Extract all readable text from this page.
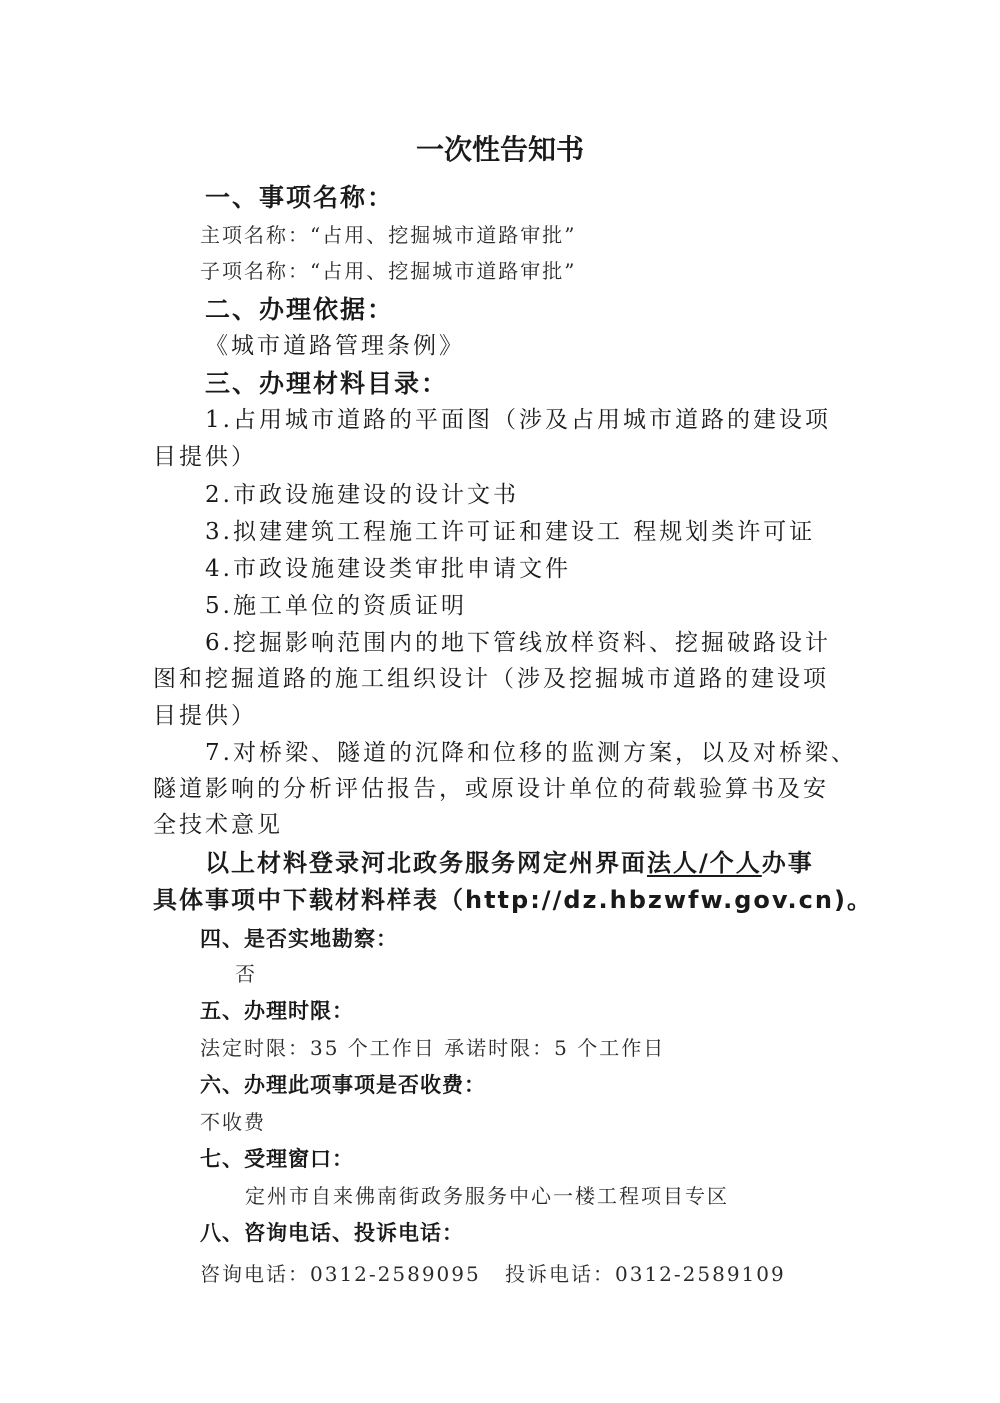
一次性告知书
一、事项名称：
主项名称：“占用、挖掘城市道路审批”
子项名称：“占用、挖掘城市道路审批”
二、办理依据：
《城市道路管理条例》
三、办理材料目录：
1.占用城市道路的平面图（涉及占用城市道路的建设项
目提供）
2.市政设施建设的设计文书
3.拟建建筑工程施工许可证和建设工 程规划类许可证
4.市政设施建设类审批申请文件
5.施工单位的资质证明
6.挖掘影响范围内的地下管线放样资料、挖掘破路设计
图和挖掘道路的施工组织设计（涉及挖掘城市道路的建设项
目提供）
7.对桥梁、隧道的沉降和位移的监测方案，以及对桥梁、
隧道影响的分析评估报告，或原设计单位的荷载验算书及安
全技术意见
以上材料登录河北政务服务网定州界面法人/个人办事
具体事项中下载材料样表（http://dz.hbzwfw.gov.cn)。
四、是否实地勘察：
否
五、办理时限：
法定时限：35 个工作日 承诺时限：5 个工作日
六、办理此项事项是否收费：
不收费
七、受理窗口：
定州市自来佛南街政务服务中心一楼工程项目专区
八、咨询电话、投诉电话：
咨询电话：0312-2589095 投诉电话：0312-2589109
